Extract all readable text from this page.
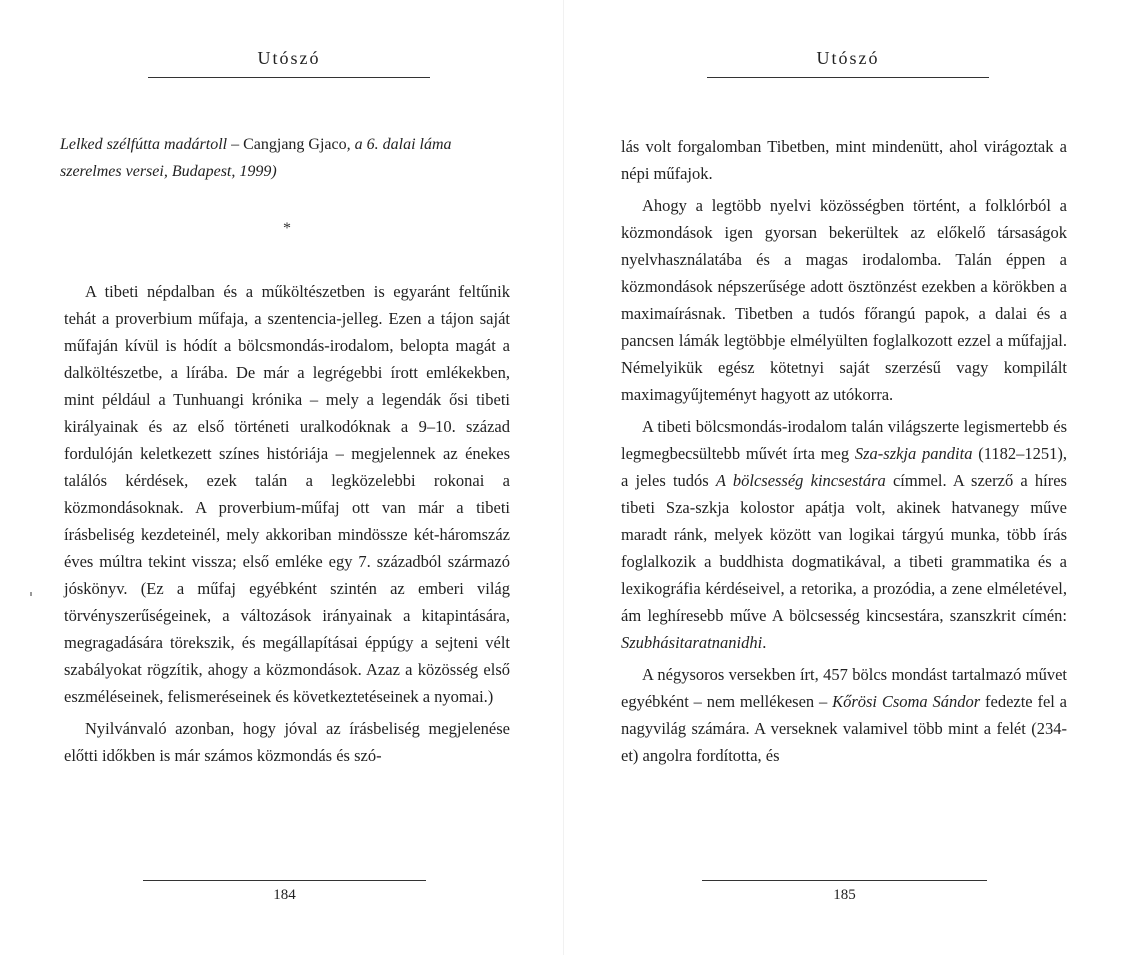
Utószó
Lelked szélfútta madártoll – Cangjang Gjaco, a 6. dalai láma
szerelmes versei, Budapest, 1999)
*

A tibeti népdalban és a műköltészetben is egyaránt feltűnik tehát a proverbium műfaja, a szentencia-jelleg. Ezen a tájon saját műfaján kívül is hódít a bölcsmondás-irodalom, belopta magát a dalköltészetbe, a lírába. De már a legrégebbi írott emlékekben, mint például a Tunhuangi krónika – mely a legendák ősi tibeti királyainak és az első történeti uralkodóknak a 9–10. század fordulóján keletkezett színes históriája – megjelennek az énekes találós kérdések, ezek talán a legközelebbi rokonai a közmondásoknak. A proverbium-műfaj ott van már a tibeti írásbeliség kezdeteinél, mely akkoriban mindössze két-háromszáz éves múltra tekint vissza; első emléke egy 7. századból származó jóskönyv. (Ez a műfaj egyébként szintén az emberi világ törvényszerűségeinek, a változások irányainak a kitapintására, megragadására törekszik, és megállapításai éppúgy a sejteni vélt szabályokat rögzítik, ahogy a közmondások. Azaz a közösség első eszméléseinek, felismeréseinek és következtetéseinek a nyomai.)

Nyilvánvaló azonban, hogy jóval az írásbeliség megjelenése előtti időkben is már számos közmondás és szó-

184
Utószó

lás volt forgalomban Tibetben, mint mindenütt, ahol virágoztak a népi műfajok.

Ahogy a legtöbb nyelvi közösségben történt, a folklórból a közmondások igen gyorsan bekerültek az előkelő társaságok nyelvhasználatába és a magas irodalomba. Talán éppen a közmondások népszerűsége adott ösztönzést ezekben a körökben a maximaírásnak. Tibetben a tudós főrangú papok, a dalai és a pancsen lámák legtöbbje elmélyülten foglalkozott ezzel a műfajjal. Némelyikük egész kötetnyi saját szerzésű vagy kompilált maximagyűjteményt hagyott az utókorra.

A tibeti bölcsmondás-irodalom talán világszerte legismertebb és legmegbecsültebb művét írta meg Sza-szkja pandita (1182–1251), a jeles tudós A bölcsesség kincsestára címmel. A szerző a híres tibeti Sza-szkja kolostor apátja volt, akinek hatvanegy műve maradt ránk, melyek között van logikai tárgyú munka, több írás foglalkozik a buddhista dogmatikával, a tibeti grammatika és a lexikográfia kérdéseivel, a retorika, a prozódia, a zene elméletével, ám leghíresebb műve A bölcsesség kincsestára, szanszkrit címén: Szubhásitaratnanidhi.

A négysoros versekben írt, 457 bölcs mondást tartalmazó művet egyébként – nem mellékesen – Kőrösi Csoma Sándor fedezte fel a nagyvilág számára. A verseknek valamivel több mint a felét (234-et) angolra fordította, és

185
